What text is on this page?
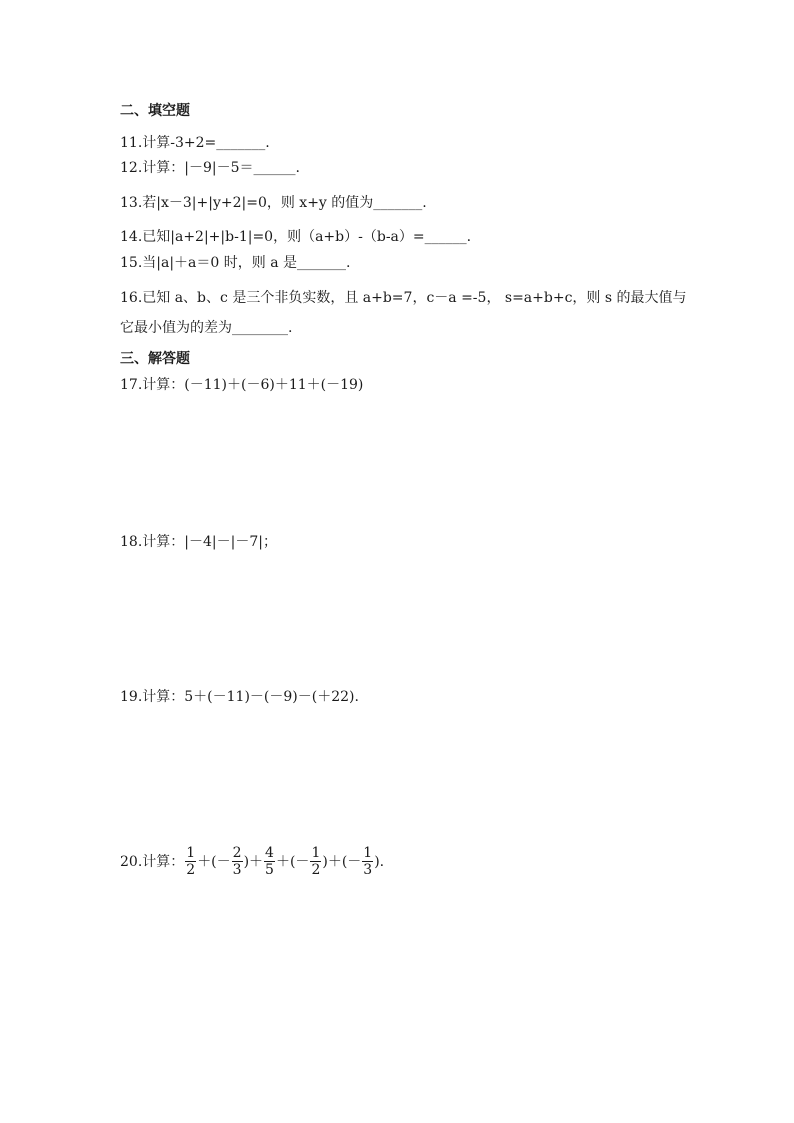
二、填空题
11.计算-3+2=_______.
12.计算：|－9|－5＝______.
13.若|x－3|+|y+2|=0，则 x+y 的值为_______.
14.已知|a+2|+|b-1|=0，则（a+b）-（b-a）=______.
15.当|a|＋a＝0 时，则 a 是_______.
16.已知 a、b、c 是三个非负实数，且 a+b=7，c－a =-5， s=a+b+c，则 s 的最大值与
它最小值为的差为________.
三、解答题
17.计算：(－11)＋(－6)＋11＋(－19)
18.计算：|－4|－|－7|；
19.计算：5＋(－11)－(－9)－(＋22).
20.计算： $\frac{1}{2}$ ＋(－ $\frac{2}{3}$ )＋ $\frac{4}{5}$ ＋(－ $\frac{1}{2}$ )＋(－ $\frac{1}{3}$ ).
